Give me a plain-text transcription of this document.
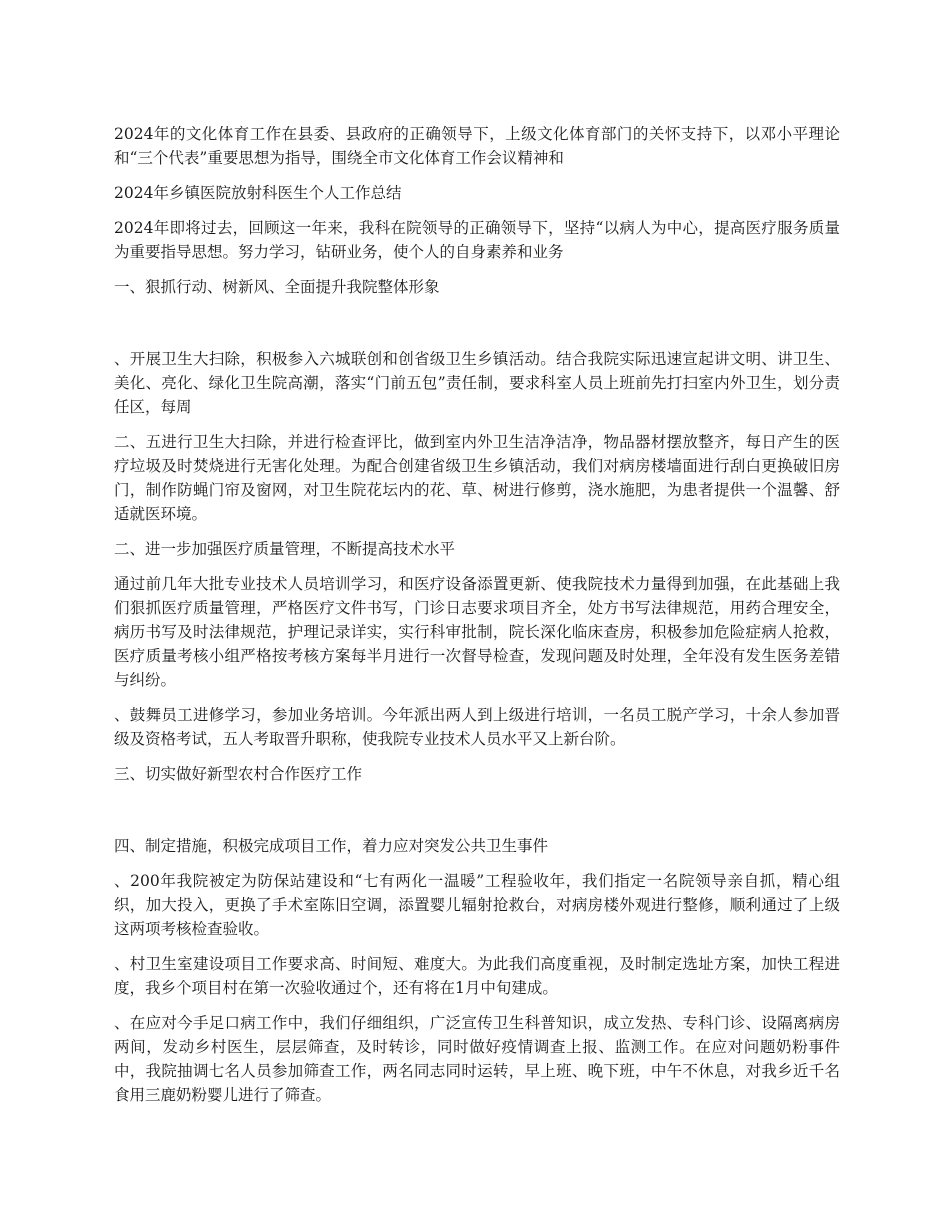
2024年的文化体育工作在县委、县政府的正确领导下，上级文化体育部门的关怀支持下，以邓小平理论和“三个代表”重要思想为指导，围绕全市文化体育工作会议精神和

2024年乡镇医院放射科医生个人工作总结

2024年即将过去，回顾这一年来，我科在院领导的正确领导下，坚持“以病人为中心，提高医疗服务质量为重要指导思想。努力学习，钻研业务，使个人的自身素养和业务

一、狠抓行动、树新风、全面提升我院整体形象

、开展卫生大扫除，积极参入六城联创和创省级卫生乡镇活动。结合我院实际迅速宣起讲文明、讲卫生、美化、亮化、绿化卫生院高潮，落实“门前五包”责任制，要求科室人员上班前先打扫室内外卫生，划分责任区，每周

二、五进行卫生大扫除，并进行检查评比，做到室内外卫生洁净洁净，物品器材摆放整齐，每日产生的医疗垃圾及时焚烧进行无害化处理。为配合创建省级卫生乡镇活动，我们对病房楼墙面进行刮白更换破旧房门，制作防蝇门帘及窗网，对卫生院花坛内的花、草、树进行修剪，浇水施肥，为患者提供一个温馨、舒适就医环境。

二、进一步加强医疗质量管理，不断提高技术水平

通过前几年大批专业技术人员培训学习，和医疗设备添置更新、使我院技术力量得到加强，在此基础上我们狠抓医疗质量管理，严格医疗文件书写，门诊日志要求项目齐全，处方书写法律规范，用药合理安全，病历书写及时法律规范，护理记录详实，实行科审批制，院长深化临床查房，积极参加危险症病人抢救，医疗质量考核小组严格按考核方案每半月进行一次督导检查，发现问题及时处理，全年没有发生医务差错与纠纷。

、鼓舞员工进修学习，参加业务培训。今年派出两人到上级进行培训，一名员工脱产学习，十余人参加晋级及资格考试，五人考取晋升职称，使我院专业技术人员水平又上新台阶。

三、切实做好新型农村合作医疗工作

四、制定措施，积极完成项目工作，着力应对突发公共卫生事件

、200年我院被定为防保站建设和“七有两化一温暖”工程验收年，我们指定一名院领导亲自抓，精心组织，加大投入，更换了手术室陈旧空调，添置婴儿辐射抢救台，对病房楼外观进行整修，顺利通过了上级这两项考核检查验收。

、村卫生室建设项目工作要求高、时间短、难度大。为此我们高度重视，及时制定选址方案，加快工程进度，我乡个项目村在第一次验收通过个，还有将在1月中旬建成。

、在应对今手足口病工作中，我们仔细组织，广泛宣传卫生科普知识，成立发热、专科门诊、设隔离病房两间，发动乡村医生，层层筛查，及时转诊，同时做好疫情调查上报、监测工作。在应对问题奶粉事件中，我院抽调七名人员参加筛查工作，两名同志同时运转，早上班、晚下班，中午不休息，对我乡近千名食用三鹿奶粉婴儿进行了筛查。
